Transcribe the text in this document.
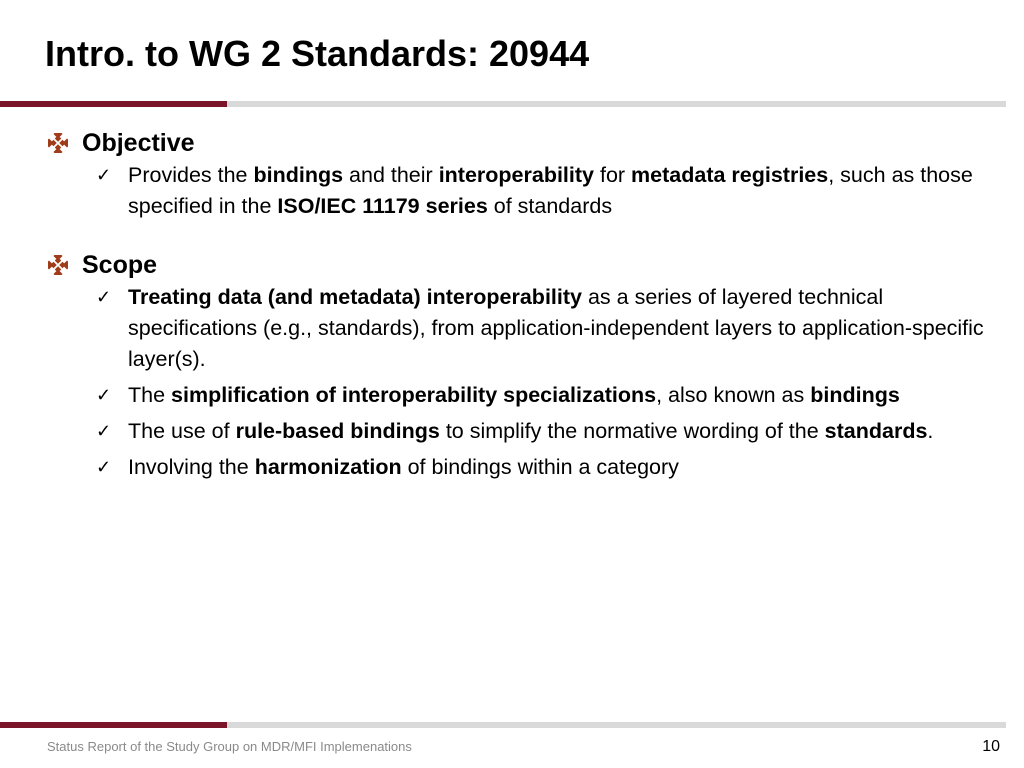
Intro. to WG 2 Standards: 20944
Objective
✓ Provides the bindings and their interoperability for metadata registries, such as those specified in the ISO/IEC 11179 series of standards
Scope
✓ Treating data (and metadata) interoperability as a series of layered technical specifications (e.g., standards), from application-independent layers to application-specific layer(s).
✓ The simplification of interoperability specializations, also known as bindings
✓ The use of rule-based bindings to simplify the normative wording of the standards.
✓ Involving the harmonization of bindings within a category
Status Report of the Study Group on MDR/MFI Implemenations	10
